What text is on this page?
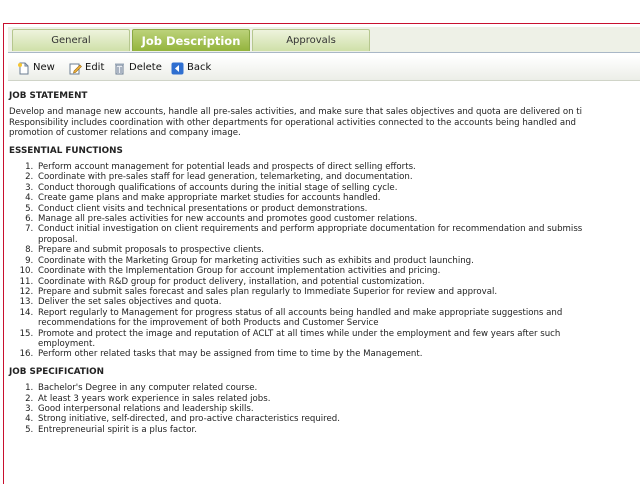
General	Job Description	Approvals
New	Edit Delete	Back
JOB STATEMENT
Develop and manage new accounts, handle all pre-sales activities, and make sure that sales objectives and quota are delivered on ti
Responsibility includes coordination with other departments for operational activities connected to the accounts being handled and
promotion of customer relations and company image.
ESSENTIAL FUNCTIONS
1. Perform account management for potential leads and prospects of direct selling efforts.
2. Coordinate with pre-sales staff for lead generation, telemarketing, and documentation.
3. Conduct thorough qualifications of accounts during the initial stage of selling cycle.
4. Create game plans and make appropriate market studies for accounts handled.
5. Conduct client visits and technical presentations or product demonstrations.
6. Manage all pre-sales activities for new accounts and promotes good customer relations.
7. Conduct initial investigation on client requirements and perform appropriate documentation for recommendation and submiss
proposal.
8. Prepare and submit proposals to prospective clients.
9. Coordinate with the Marketing Group for marketing activities such as exhibits and product launching.
10. Coordinate with the Implementation Group for account implementation activities and pricing.
11. Coordinate with R&D group for product delivery, installation, and potential customization.
12. Prepare and submit sales forecast and sales plan regularly to Immediate Superior for review and approval.
13. Deliver the set sales objectives and quota.
14. Report regularly to Management for progress status of all accounts being handled and make appropriate suggestions and
recommendations for the improvement of both Products and Customer Service
15. Promote and protect the image and reputation of ACLT at all times while under the employment and few years after such
employment.
16. Perform other related tasks that may be assigned from time to time by the Management.
JOB SPECIFICATION
1. Bachelor's Degree in any computer related course.
2. At least 3 years work experience in sales related jobs.
3. Good interpersonal relations and leadership skills.
4. Strong initiative, self-directed, and pro-active characteristics required.
5. Entrepreneurial spirit is a plus factor.
